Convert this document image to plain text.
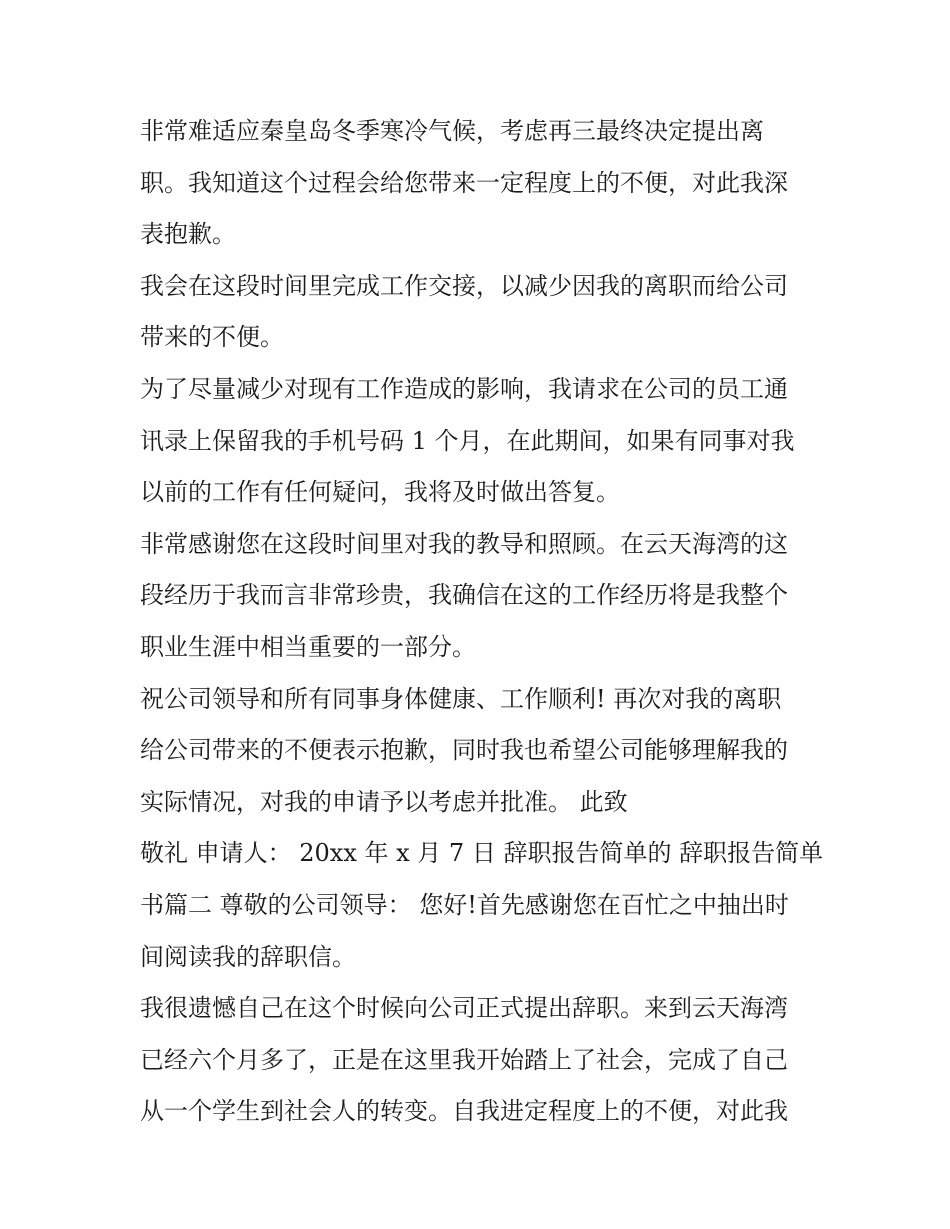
非常难适应秦皇岛冬季寒冷气候，考虑再三最终决定提出离
职。我知道这个过程会给您带来一定程度上的不便，对此我深
表抱歉。
我会在这段时间里完成工作交接，以减少因我的离职而给公司
带来的不便。
为了尽量减少对现有工作造成的影响，我请求在公司的员工通
讯录上保留我的手机号码 1 个月，在此期间，如果有同事对我
以前的工作有任何疑问，我将及时做出答复。
非常感谢您在这段时间里对我的教导和照顾。在云天海湾的这
段经历于我而言非常珍贵，我确信在这的工作经历将是我整个
职业生涯中相当重要的一部分。
祝公司领导和所有同事身体健康、工作顺利! 再次对我的离职
给公司带来的不便表示抱歉，同时我也希望公司能够理解我的
实际情况，对我的申请予以考虑并批准。 此致
敬礼 申请人： 20xx 年 x 月 7 日 辞职报告简单的 辞职报告简单
书篇二 尊敬的公司领导： 您好!首先感谢您在百忙之中抽出时
间阅读我的辞职信。
我很遗憾自己在这个时候向公司正式提出辞职。来到云天海湾
已经六个月多了，正是在这里我开始踏上了社会，完成了自己
从一个学生到社会人的转变。自我进定程度上的不便，对此我
